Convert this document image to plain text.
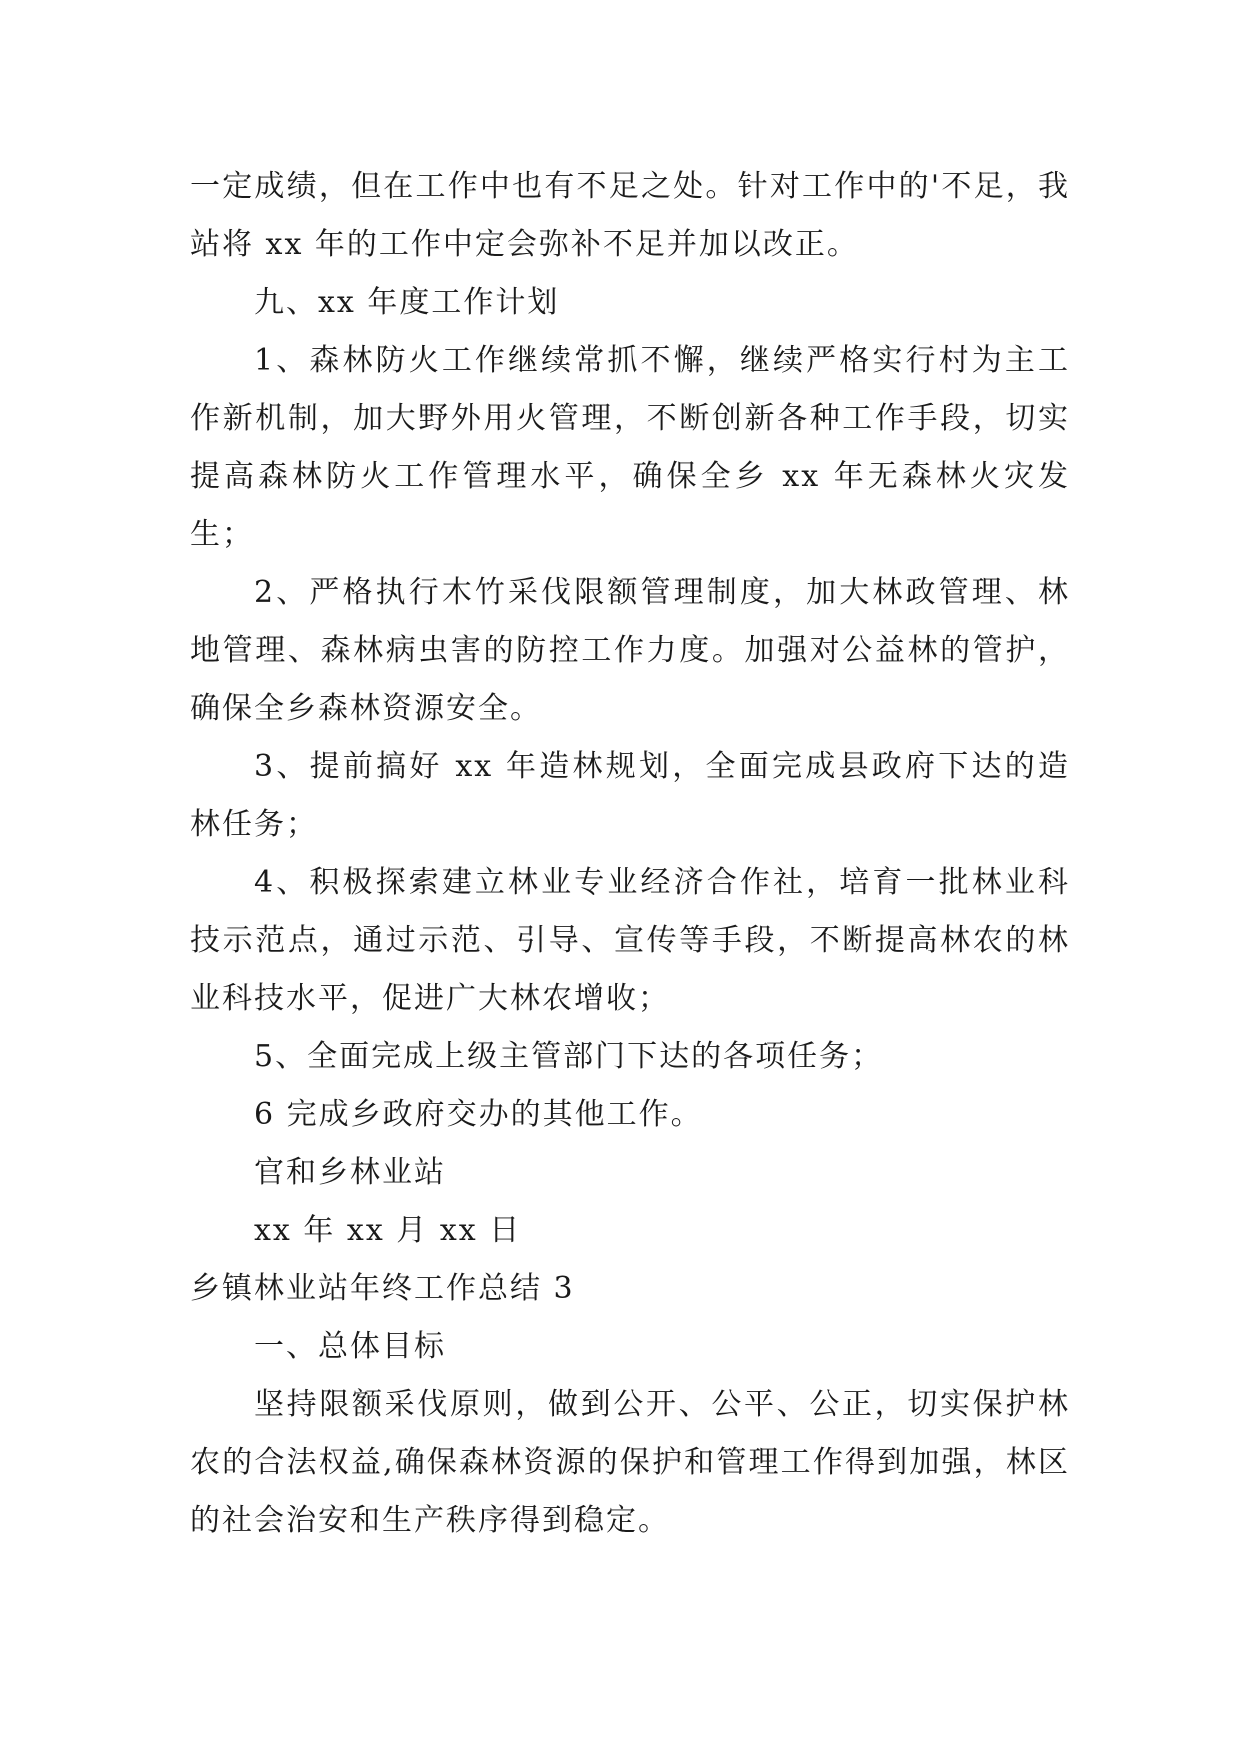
一定成绩，但在工作中也有不足之处。针对工作中的'不足，我站将 xx 年的工作中定会弥补不足并加以改正。

九、xx 年度工作计划

1、森林防火工作继续常抓不懈，继续严格实行村为主工作新机制，加大野外用火管理，不断创新各种工作手段，切实提高森林防火工作管理水平，确保全乡 xx 年无森林火灾发生；

2、严格执行木竹采伐限额管理制度，加大林政管理、林地管理、森林病虫害的防控工作力度。加强对公益林的管护，确保全乡森林资源安全。

3、提前搞好 xx 年造林规划，全面完成县政府下达的造林任务；

4、积极探索建立林业专业经济合作社，培育一批林业科技示范点，通过示范、引导、宣传等手段，不断提高林农的林业科技水平，促进广大林农增收；

5、全面完成上级主管部门下达的各项任务；

6 完成乡政府交办的其他工作。

官和乡林业站

xx 年 xx 月 xx 日

乡镇林业站年终工作总结 3

一、总体目标

坚持限额采伐原则，做到公开、公平、公正，切实保护林农的合法权益,确保森林资源的保护和管理工作得到加强，林区的社会治安和生产秩序得到稳定。
